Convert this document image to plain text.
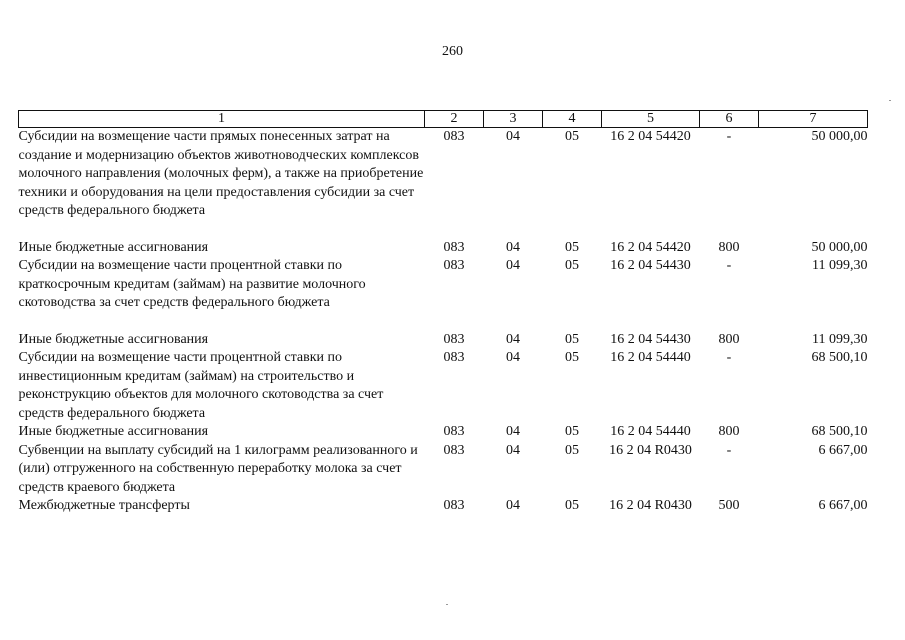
260
1	2	3	4	5	6	7
Субсидии на возмещение части прямых понесенных затрат на создание и модернизацию объектов животноводческих комплексов молочного направления (молочных ферм), а также на приобретение техники и оборудования на цели предоставления субсидии за счет средств федерального бюджета	083	04	05	16 2 04 54420	-	50 000,00
Иные бюджетные ассигнования	083	04	05	16 2 04 54420	800	50 000,00
Субсидии на возмещение части процентной ставки по краткосрочным кредитам (займам) на развитие молочного скотоводства за счет средств федерального бюджета	083	04	05	16 2 04 54430	-	11 099,30
Иные бюджетные ассигнования	083	04	05	16 2 04 54430	800	11 099,30
Субсидии на возмещение части процентной ставки по инвестиционным кредитам (займам) на строительство и реконструкцию объектов для молочного скотоводства за счет средств федерального бюджета	083	04	05	16 2 04 54440	-	68 500,10
Иные бюджетные ассигнования	083	04	05	16 2 04 54440	800	68 500,10
Субвенции на выплату субсидий на 1 килограмм реализованного и (или) отгруженного на собственную переработку молока за счет средств краевого бюджета	083	04	05	16 2 04 R0430	-	6 667,00
Межбюджетные трансферты	083	04	05	16 2 04 R0430	500	6 667,00
